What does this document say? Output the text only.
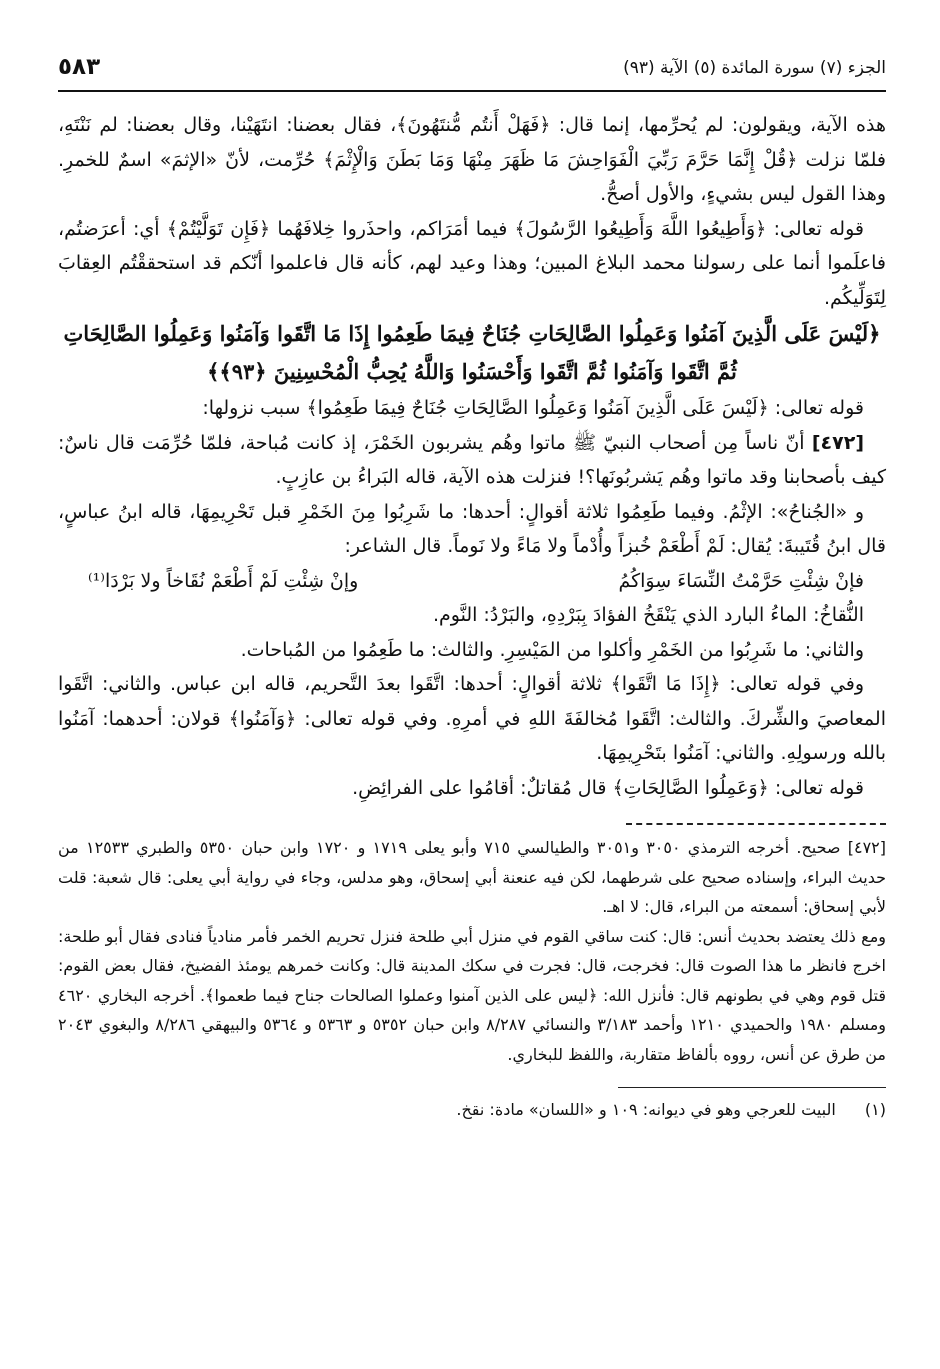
الجزء (٧) سورة المائدة (٥) الآية (٩٣)
٥٨٣

هذه الآية، ويقولون: لم يُحرِّمها، إنما قال: ﴿فَهَلْ أَنتُم مُّنتَهُونَ﴾، فقال بعضنا: انتَهَيْنا، وقال بعضنا: لم نَنْتَهِ، فلمّا نزلت ﴿قُلْ إِنَّمَا حَرَّمَ رَبِّيَ الْفَوَاحِشَ مَا ظَهَرَ مِنْهَا وَمَا بَطَنَ وَالْإِثْمَ﴾ حُرِّمت، لأنّ «الإثمَ» اسمٌ للخمرِ. وهذا القول ليس بشيءٍ، والأول أصحُّ.

قوله تعالى: ﴿وَأَطِيعُوا اللَّهَ وَأَطِيعُوا الرَّسُولَ﴾ فيما أمَرَاكم، واحذَروا خِلافَهُما ﴿فَإِن تَوَلَّيْتُمْ﴾ أي: أعرَضتُم، فاعلَموا أنما على رسولنا محمد البلاغ المبين؛ وهذا وعيد لهم، كأنه قال فاعلموا أنّكم قد استحققْتُم العِقابَ لِتَوَلِّيكُم.

﴿لَيْسَ عَلَى الَّذِينَ آمَنُوا وَعَمِلُوا الصَّالِحَاتِ جُنَاحٌ فِيمَا طَعِمُوا إِذَا مَا اتَّقَوا وَآمَنُوا وَعَمِلُوا الصَّالِحَاتِ ثُمَّ اتَّقَوا وَآمَنُوا ثُمَّ اتَّقَوا وَأَحْسَنُوا وَاللَّهُ يُحِبُّ الْمُحْسِنِينَ ﴿٩٣﴾﴾

قوله تعالى: ﴿لَيْسَ عَلَى الَّذِينَ آمَنُوا وَعَمِلُوا الصَّالِحَاتِ جُنَاحٌ فِيمَا طَعِمُوا﴾ سبب نزولها:

[٤٧٢] أنّ ناساً مِن أصحاب النبيّ ﷺ ماتوا وهُم يشربون الخَمْرَ، إذ كانت مُباحة، فلمّا حُرِّمَت قال ناسٌ: كيف بأصحابنا وقد ماتوا وهُم يَشربُونَها؟! فنزلت هذه الآية، قاله البَراءُ بن عازِبٍ.

و «الجُناحُ»: الإثْمُ. وفيما طَعِمُوا ثلاثة أقوالٍ: أحدها: ما شَرِبُوا مِنَ الخَمْرِ قبل تَحْرِيمِهَا، قاله ابنُ عباسٍ، قال ابنُ قُتَيبةَ: يُقال: لَمْ أَطْعَمْ خُبزاً وأُدْماً ولا مَاءً ولا نَوماً. قال الشاعر:

فإنْ شِئْتِ حَرَّمْتُ النِّسَاءَ سِوَاكُمُ
وإنْ شِئْتِ لَمْ أَطْعَمْ نُقَاخاً ولا بَرْدَا⁽¹⁾

النُّقاخُ: الماءُ البارد الذي يَنْقَخُ الفؤادَ بِبَرْدِهِ، والبَرْدُ: النَّوم.

والثاني: ما شَرِبُوا من الخَمْرِ وأكلوا من المَيْسِرِ. والثالث: ما طَعِمُوا من المُباحات.

وفي قوله تعالى: ﴿إِذَا مَا اتَّقَوا﴾ ثلاثة أقوالٍ: أحدها: اتَّقَوا بعدَ التَّحريم، قاله ابن عباس. والثاني: اتَّقَوا المعاصيَ والشِّركَ. والثالث: اتَّقَوا مُخالفَةَ اللهِ في أمرِهِ. وفي قوله تعالى: ﴿وَآمَنُوا﴾ قولان: أحدهما: آمَنُوا بالله ورسولِهِ. والثاني: آمَنُوا بتَحْرِيمِهَا.

قوله تعالى: ﴿وَعَمِلُوا الصَّالِحَاتِ﴾ قال مُقاتلٌ: أقامُوا على الفرائِضِ.

[٤٧٢] صحيح. أخرجه الترمذي ٣٠٥٠ و٣٠٥١ والطيالسي ٧١٥ وأبو يعلى ١٧١٩ و ١٧٢٠ وابن حبان ٥٣٥٠ والطبري ١٢٥٣٣ من حديث البراء، وإسناده صحيح على شرطهما، لكن فيه عنعنة أبي إسحاق، وهو مدلس، وجاء في رواية أبي يعلى: قال شعبة: قلت لأبي إسحاق: أسمعته من البراء، قال: لا اهـ.

ومع ذلك يعتضد بحديث أنس: قال: كنت ساقي القوم في منزل أبي طلحة فنزل تحريم الخمر فأمر منادياً فنادى فقال أبو طلحة: اخرج فانظر ما هذا الصوت قال: فخرجت، قال: فجرت في سكك المدينة قال: وكانت خمرهم يومئذ الفضيخ، فقال بعض القوم: قتل قوم وهي في بطونهم قال: فأنزل الله: ﴿ليس على الذين آمنوا وعملوا الصالحات جناح فيما طعموا﴾. أخرجه البخاري ٤٦٢٠ ومسلم ١٩٨٠ والحميدي ١٢١٠ وأحمد ٣/١٨٣ والنسائي ٨/٢٨٧ وابن حبان ٥٣٥٢ و ٥٣٦٣ و ٥٣٦٤ والبيهقي ٨/٢٨٦ والبغوي ٢٠٤٣ من طرق عن أنس، رووه بألفاظ متقاربة، واللفظ للبخاري.

(١) البيت للعرجي وهو في ديوانه: ١٠٩ و «اللسان» مادة: نقخ.
